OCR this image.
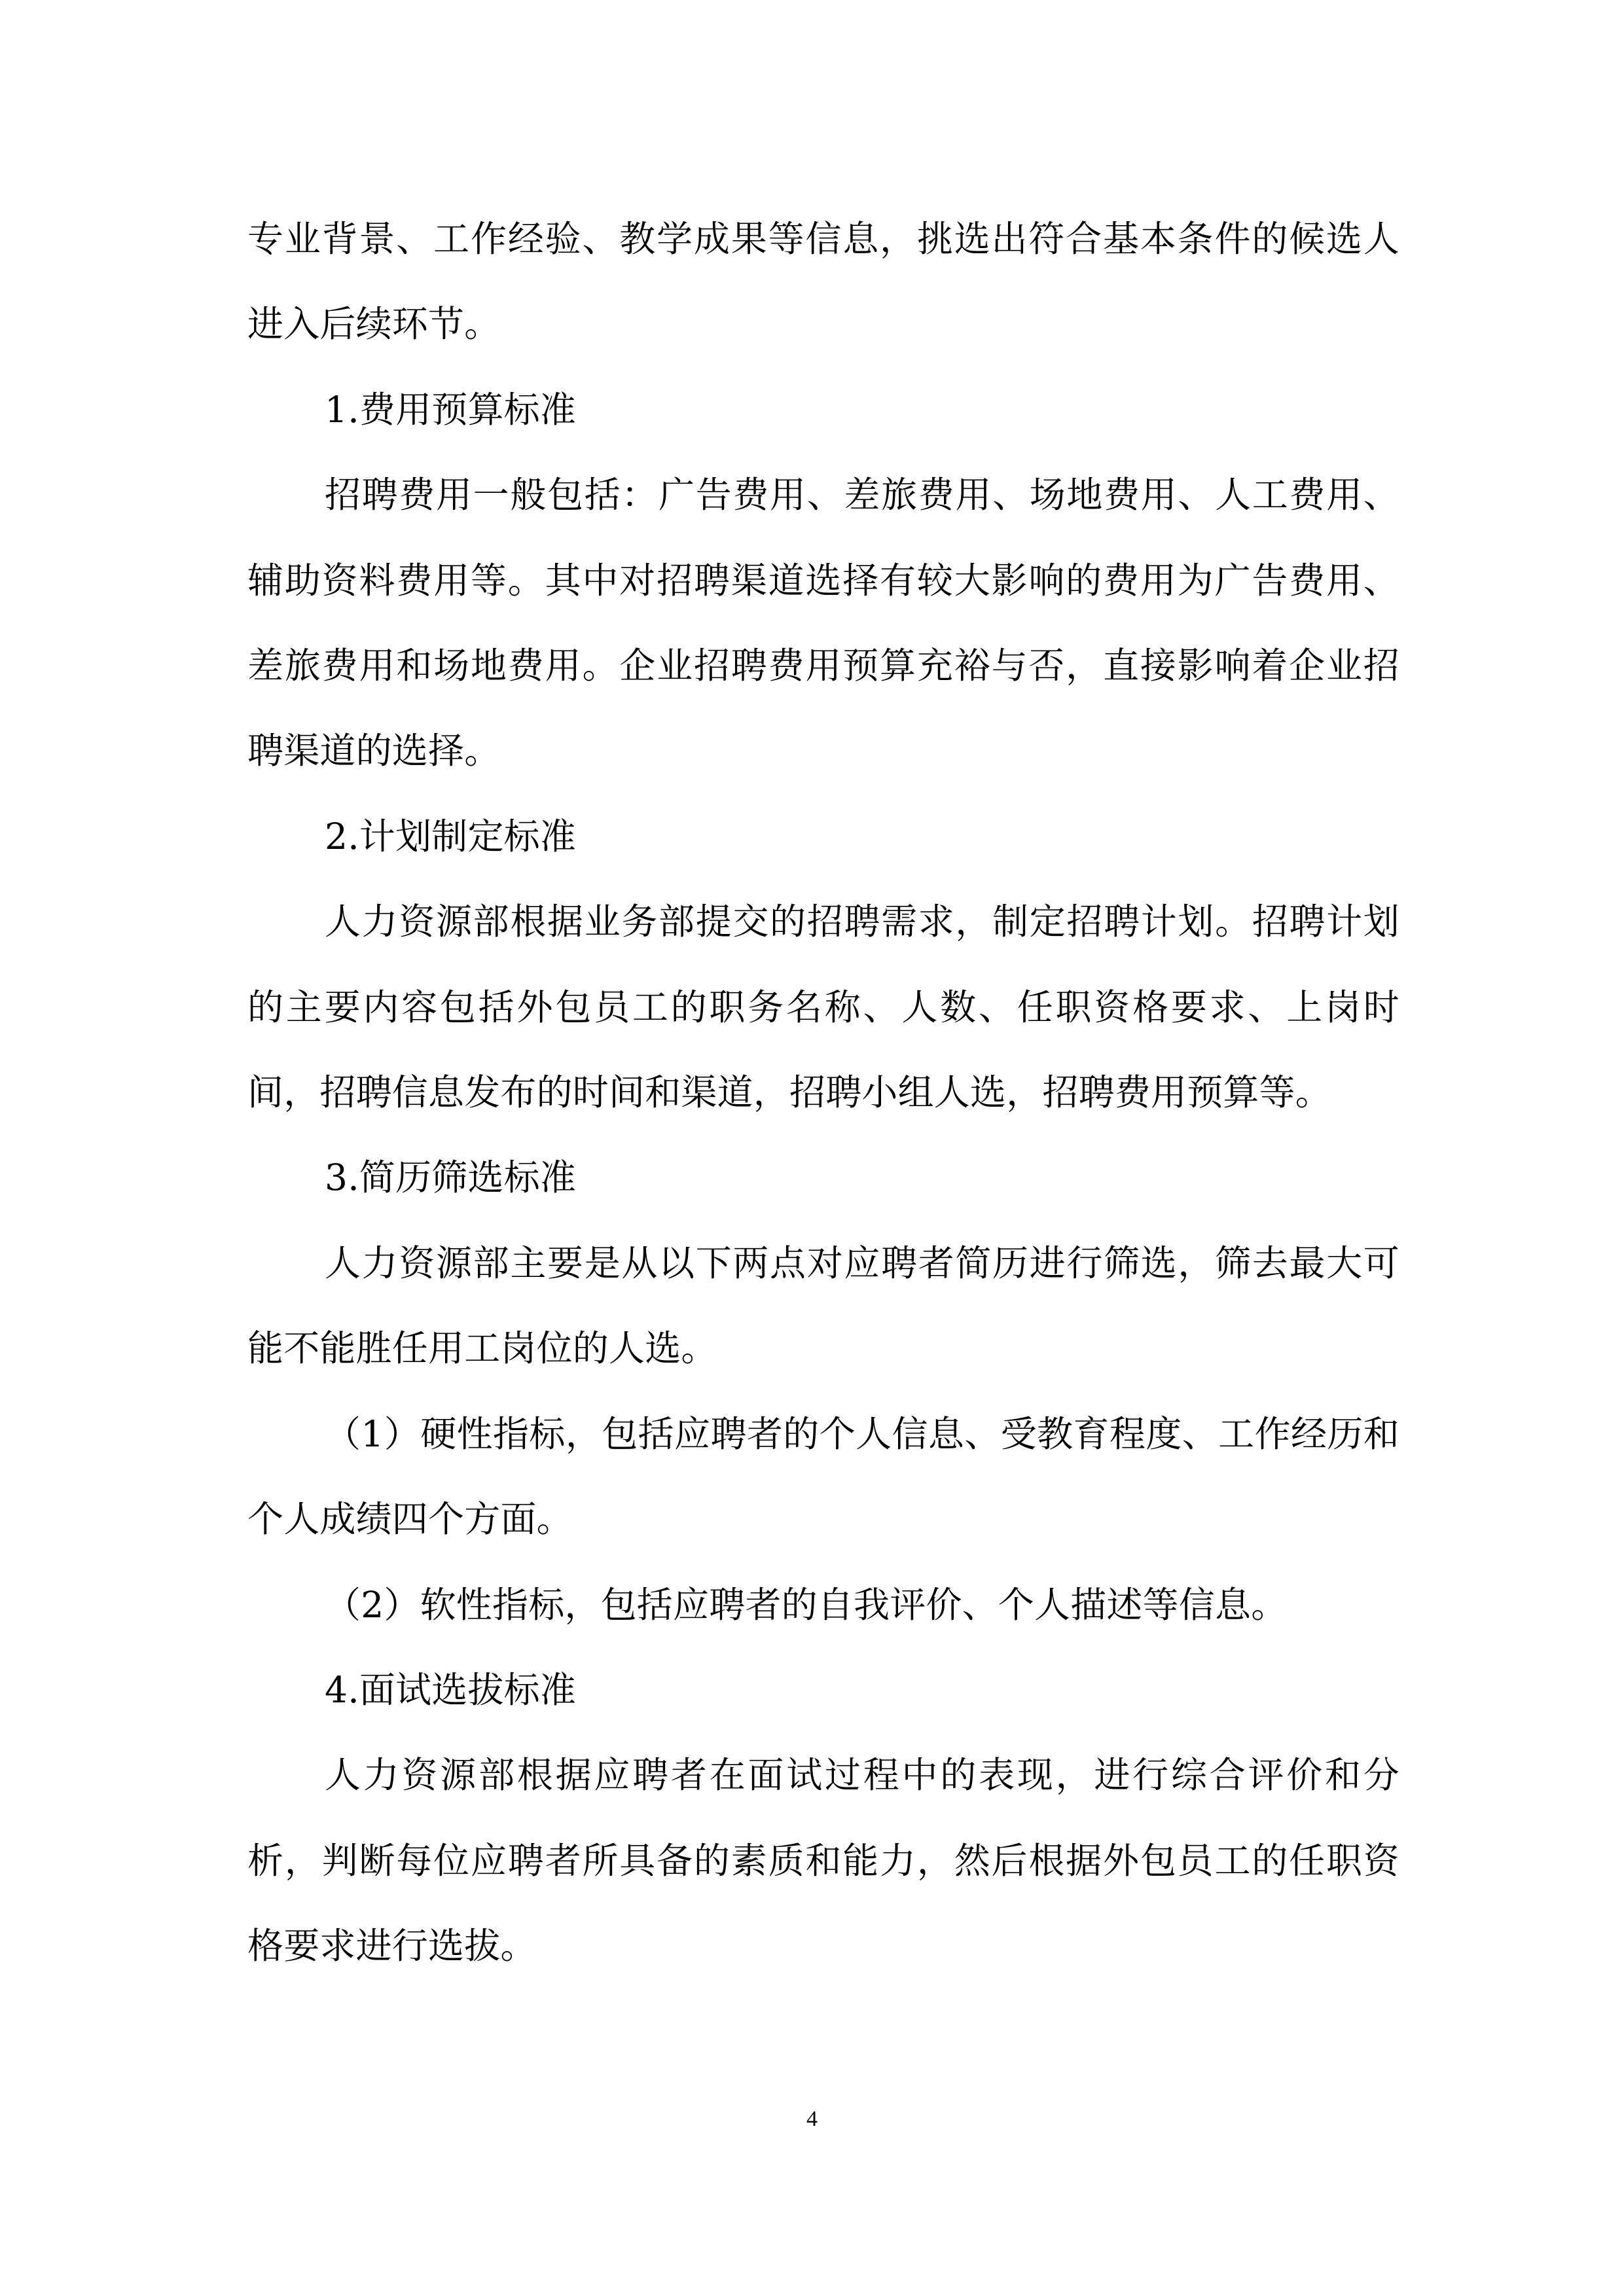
专业背景、工作经验、教学成果等信息，挑选出符合基本条件的候选人进入后续环节。

1.费用预算标准

招聘费用一般包括：广告费用、差旅费用、场地费用、人工费用、辅助资料费用等。其中对招聘渠道选择有较大影响的费用为广告费用、差旅费用和场地费用。企业招聘费用预算充裕与否，直接影响着企业招聘渠道的选择。

2.计划制定标准

人力资源部根据业务部提交的招聘需求，制定招聘计划。招聘计划的主要内容包括外包员工的职务名称、人数、任职资格要求、上岗时间，招聘信息发布的时间和渠道，招聘小组人选，招聘费用预算等。

3.简历筛选标准

人力资源部主要是从以下两点对应聘者简历进行筛选，筛去最大可能不能胜任用工岗位的人选。

（1）硬性指标，包括应聘者的个人信息、受教育程度、工作经历和个人成绩四个方面。

（2）软性指标，包括应聘者的自我评价、个人描述等信息。

4.面试选拔标准

人力资源部根据应聘者在面试过程中的表现，进行综合评价和分析，判断每位应聘者所具备的素质和能力，然后根据外包员工的任职资格要求进行选拔。

4
